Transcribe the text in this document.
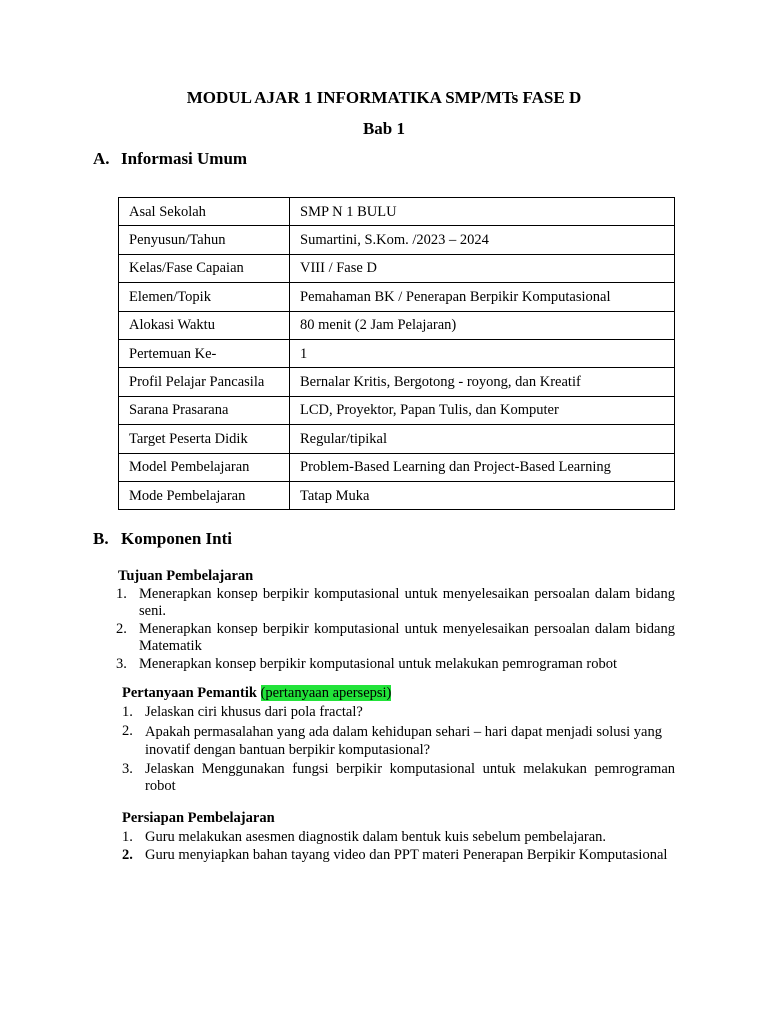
MODUL AJAR 1 INFORMATIKA SMP/MTs FASE D
Bab 1
A. Informasi Umum
Asal Sekolah	SMP N 1 BULU
Penyusun/Tahun	Sumartini, S.Kom. /2023 – 2024
Kelas/Fase Capaian	VIII / Fase D
Elemen/Topik	Pemahaman BK / Penerapan Berpikir Komputasional
Alokasi Waktu	80 menit (2 Jam Pelajaran)
Pertemuan Ke-	1
Profil Pelajar Pancasila	Bernalar Kritis, Bergotong - royong, dan Kreatif
Sarana Prasarana	LCD, Proyektor, Papan Tulis, dan Komputer
Target Peserta Didik	Regular/tipikal
Model Pembelajaran	Problem-Based Learning dan Project-Based Learning
Mode Pembelajaran	Tatap Muka
B. Komponen Inti
Tujuan Pembelajaran
1. Menerapkan konsep berpikir komputasional untuk menyelesaikan persoalan dalam bidang seni.
2. Menerapkan konsep berpikir komputasional untuk menyelesaikan persoalan dalam bidang Matematik
3. Menerapkan konsep berpikir komputasional untuk melakukan pemrograman robot
Pertanyaan Pemantik (pertanyaan apersepsi)
1. Jelaskan ciri khusus dari pola fractal?
2. Apakah permasalahan yang ada dalam kehidupan sehari – hari dapat menjadi solusi yang inovatif dengan bantuan berpikir komputasional?
3. Jelaskan Menggunakan fungsi berpikir komputasional untuk melakukan pemrograman robot
Persiapan Pembelajaran
1. Guru melakukan asesmen diagnostik dalam bentuk kuis sebelum pembelajaran.
2. Guru menyiapkan bahan tayang video dan PPT materi Penerapan Berpikir Komputasional
